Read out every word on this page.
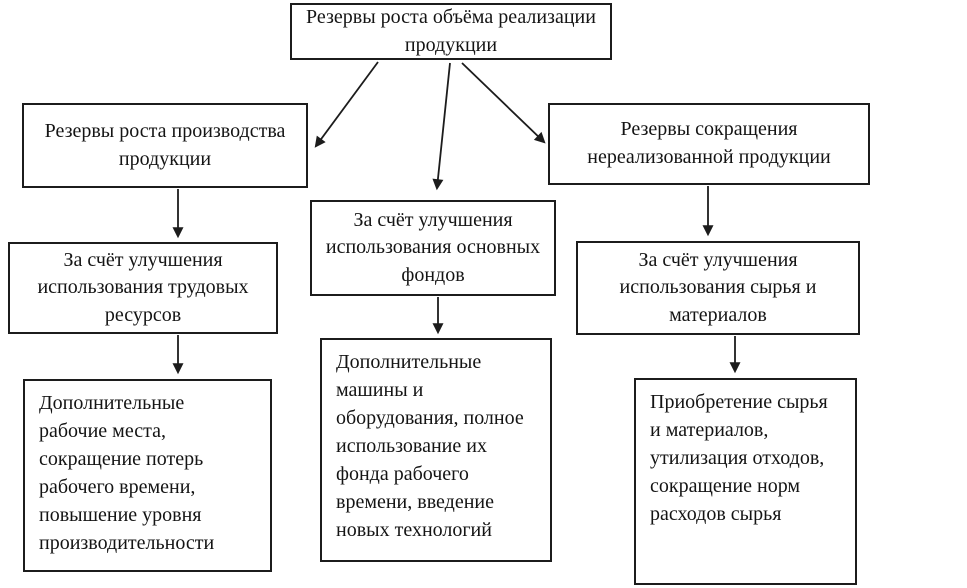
Резервы роста объёма реализации продукции
Резервы роста производства продукции
За счёт улучшения использования основных фондов
Резервы сокращения нереализованной продукции
За счёт улучшения использования трудовых ресурсов
За счёт улучшения использования сырья и материалов
Дополнительные рабочие места, сокращение потерь рабочего времени, повышение уровня производительности
Дополнительные машины и оборудования, полное использование их фонда рабочего времени, введение новых технологий
Приобретение сырья и материалов, утилизация отходов, сокращение норм расходов сырья
